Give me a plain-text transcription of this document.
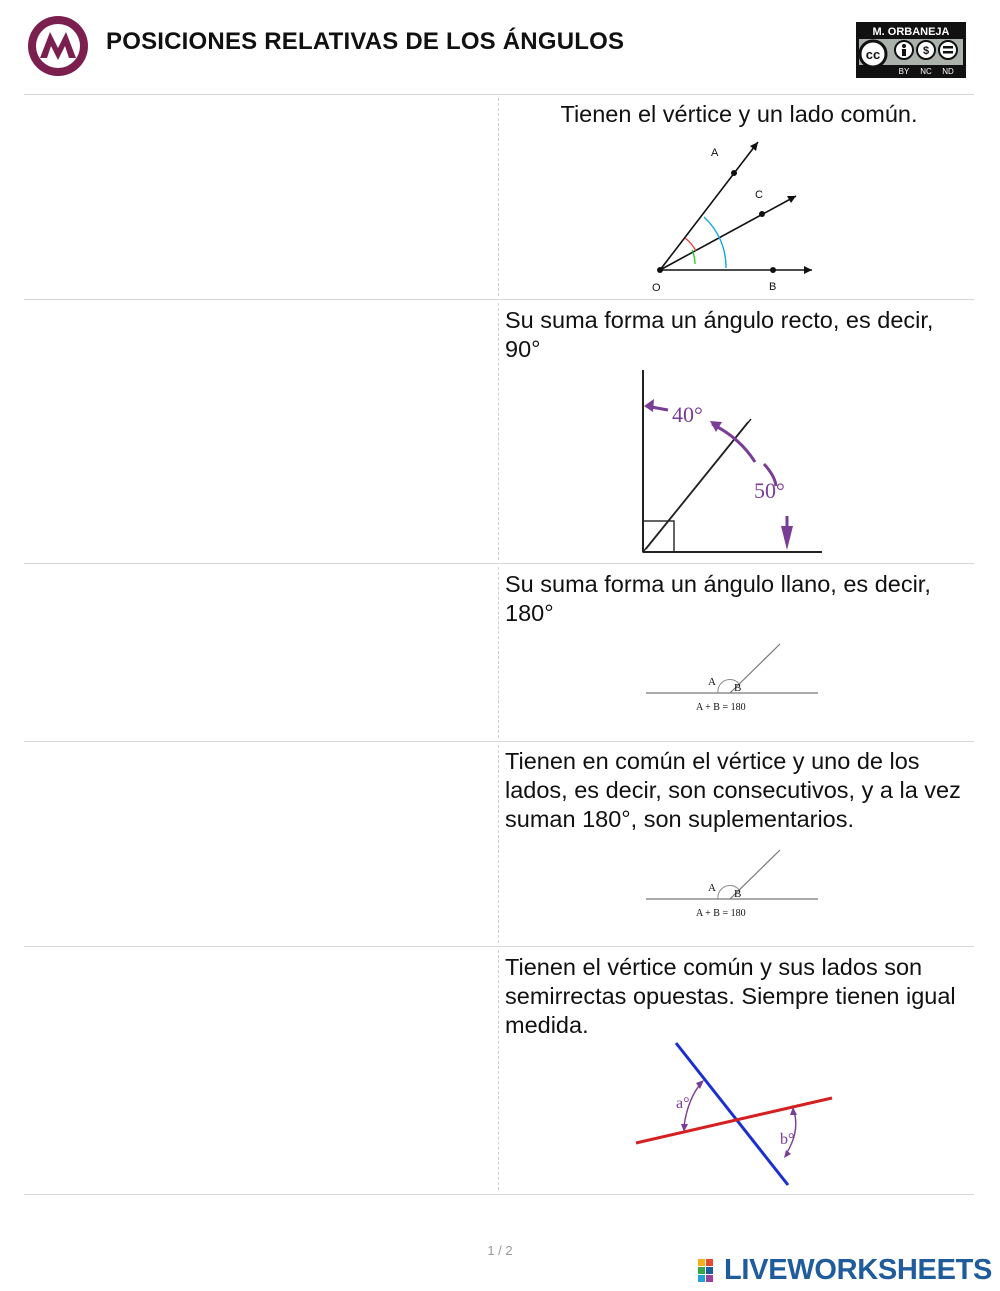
POSICIONES RELATIVAS DE LOS ÁNGULOS	M. ORBANEJA
cc	$
BY NC ND
Tienen el vértice y un lado común.
A
C
O	B
Su suma forma un ángulo recto, es decir, 90°
40°
50°
Su suma forma un ángulo llano, es decir, 180°
A B
A + B = 180
Tienen en común el vértice y uno de los lados, es decir, son consecutivos, y a la vez suman 180°, son suplementarios.
A B
A + B = 180
Tienen el vértice común y sus lados son semirrectas opuestas. Siempre tienen igual medida.
a°
b°
1 / 2
LIVEWORKSHEETS
